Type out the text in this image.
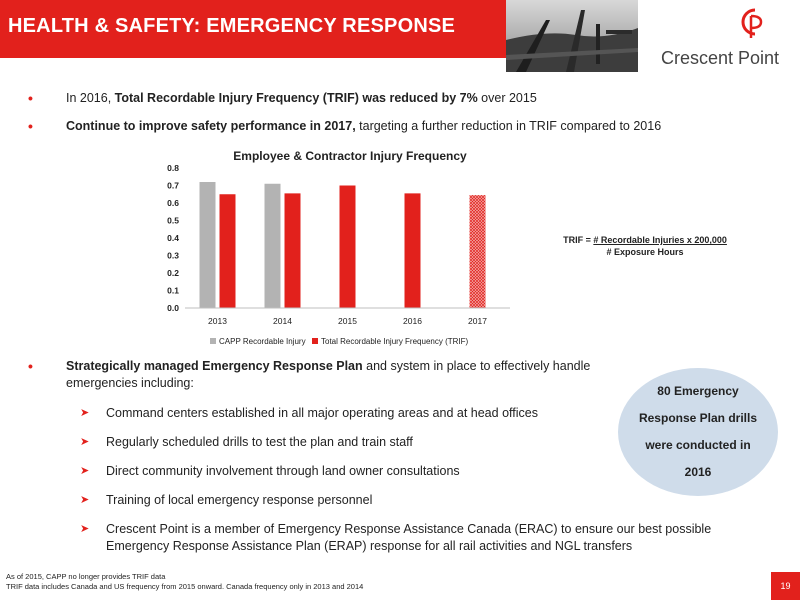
HEALTH & SAFETY: EMERGENCY RESPONSE
Crescent Point
•	In 2016, Total Recordable Injury Frequency (TRIF) was reduced by 7% over 2015
•	Continue to improve safety performance in 2017, targeting a further reduction in TRIF compared to 2016
Employee & Contractor Injury Frequency
0.0
0.1
0.2
0.3
0.4
0.5
0.6
0.7
0.8
2013	2014	2015	2016	2017
CAPP Recordable Injury Total Recordable Injury Frequency (TRIF)
TRIF = # Recordable Injuries x 200,000
# Exposure Hours
•	Strategically managed Emergency Response Plan and system in place to effectively handle emergencies including:
➤ Command centers established in all major operating areas and at head offices
➤ Regularly scheduled drills to test the plan and train staff
➤ Direct community involvement through land owner consultations
➤ Training of local emergency response personnel
➤ Crescent Point is a member of Emergency Response Assistance Canada (ERAC) to ensure our best possible Emergency Response Assistance Plan (ERAP) response for all rail activities and NGL transfers
80 Emergency Response Plan drills were conducted in 2016
As of 2015, CAPP no longer provides TRIF data
TRIF data includes Canada and US frequency from 2015 onward. Canada frequency only in 2013 and 2014	19
